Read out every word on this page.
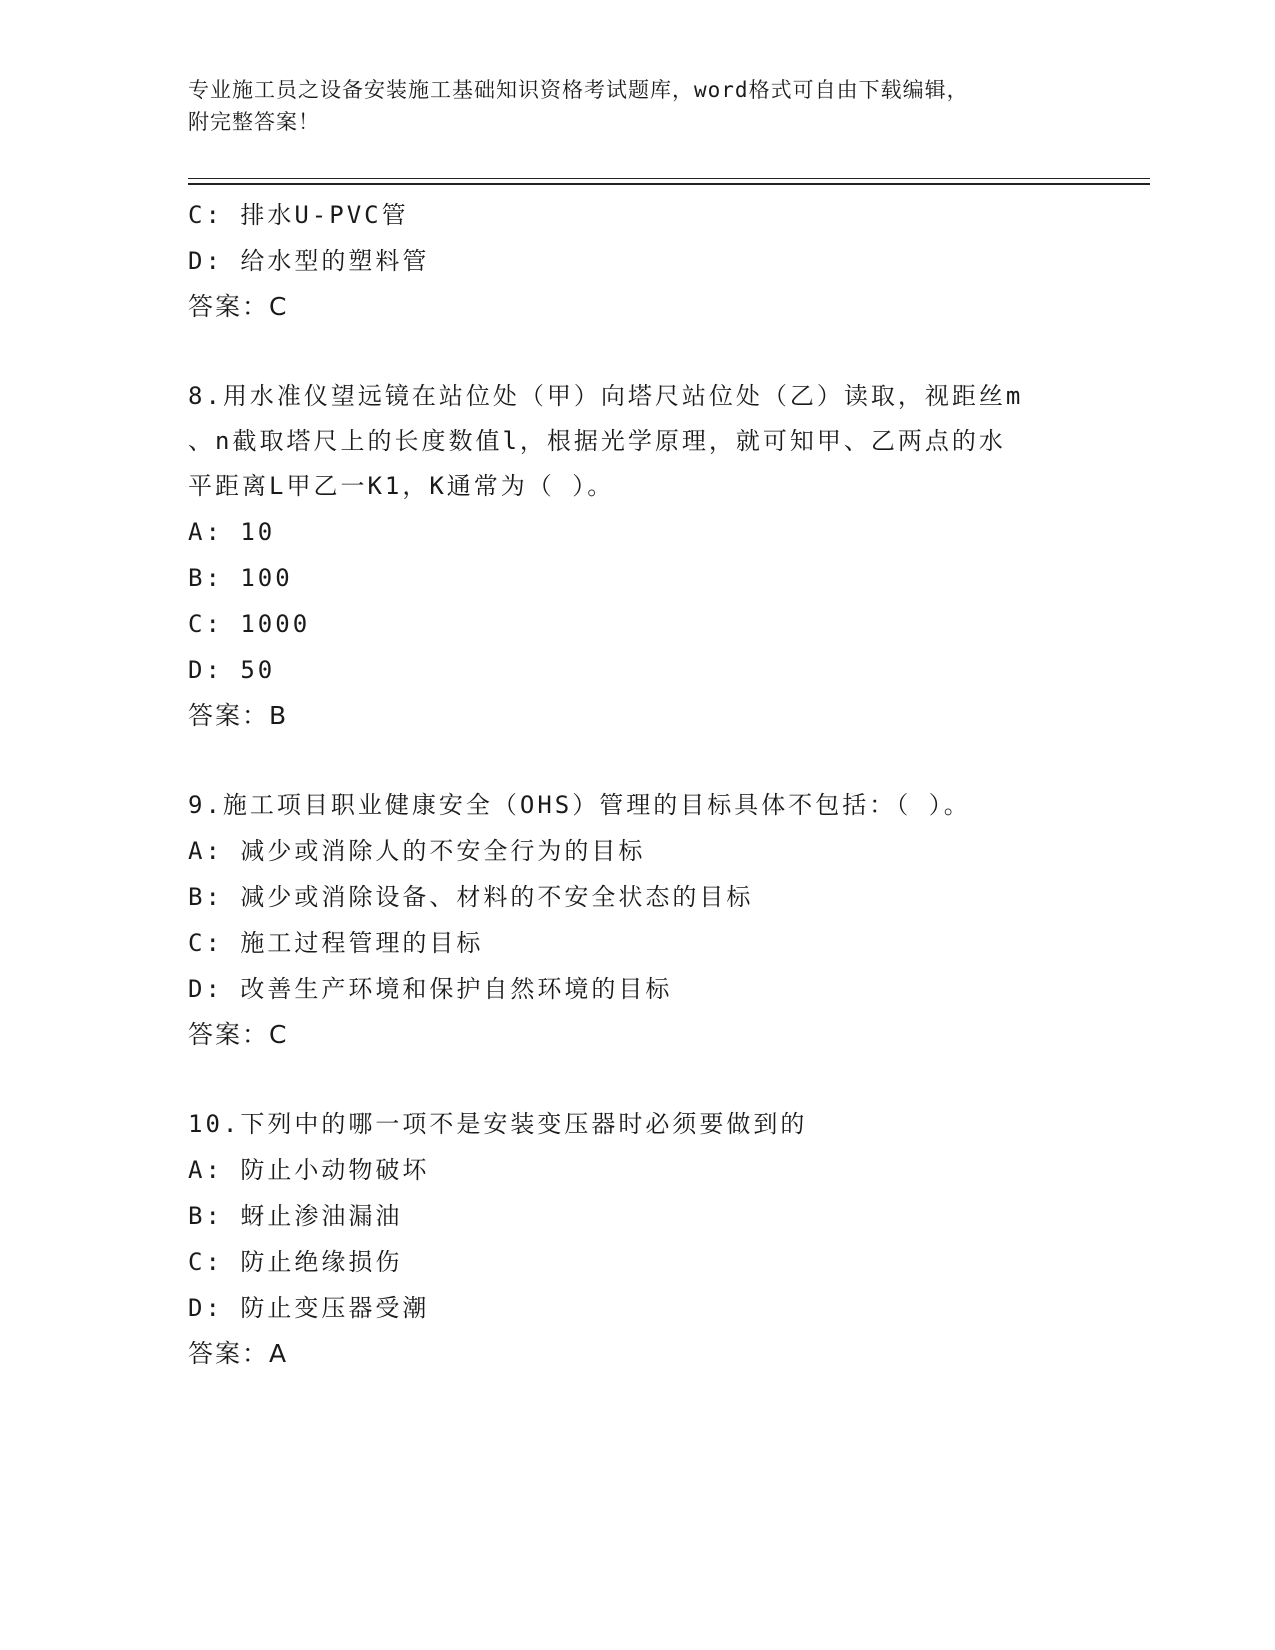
专业施工员之设备安装施工基础知识资格考试题库，word格式可自由下载编辑，
附完整答案！
C: 排水U-PVC管
D: 给水型的塑料管
答案：C
8.用水准仪望远镜在站位处（甲）向塔尺站位处（乙）读取，视距丝m
、n截取塔尺上的长度数值l，根据光学原理，就可知甲、乙两点的水
平距离L甲乙一K1，K通常为（ ）。
A: 10
B: 100
C: 1000
D: 50
答案：B
9.施工项目职业健康安全（OHS）管理的目标具体不包括：（ ）。
A: 减少或消除人的不安全行为的目标
B: 减少或消除设备、材料的不安全状态的目标
C: 施工过程管理的目标
D: 改善生产环境和保护自然环境的目标
答案：C
10.下列中的哪一项不是安装变压器时必须要做到的
A: 防止小动物破坏
B: 蚜止渗油漏油
C: 防止绝缘损伤
D: 防止变压器受潮
答案：A
